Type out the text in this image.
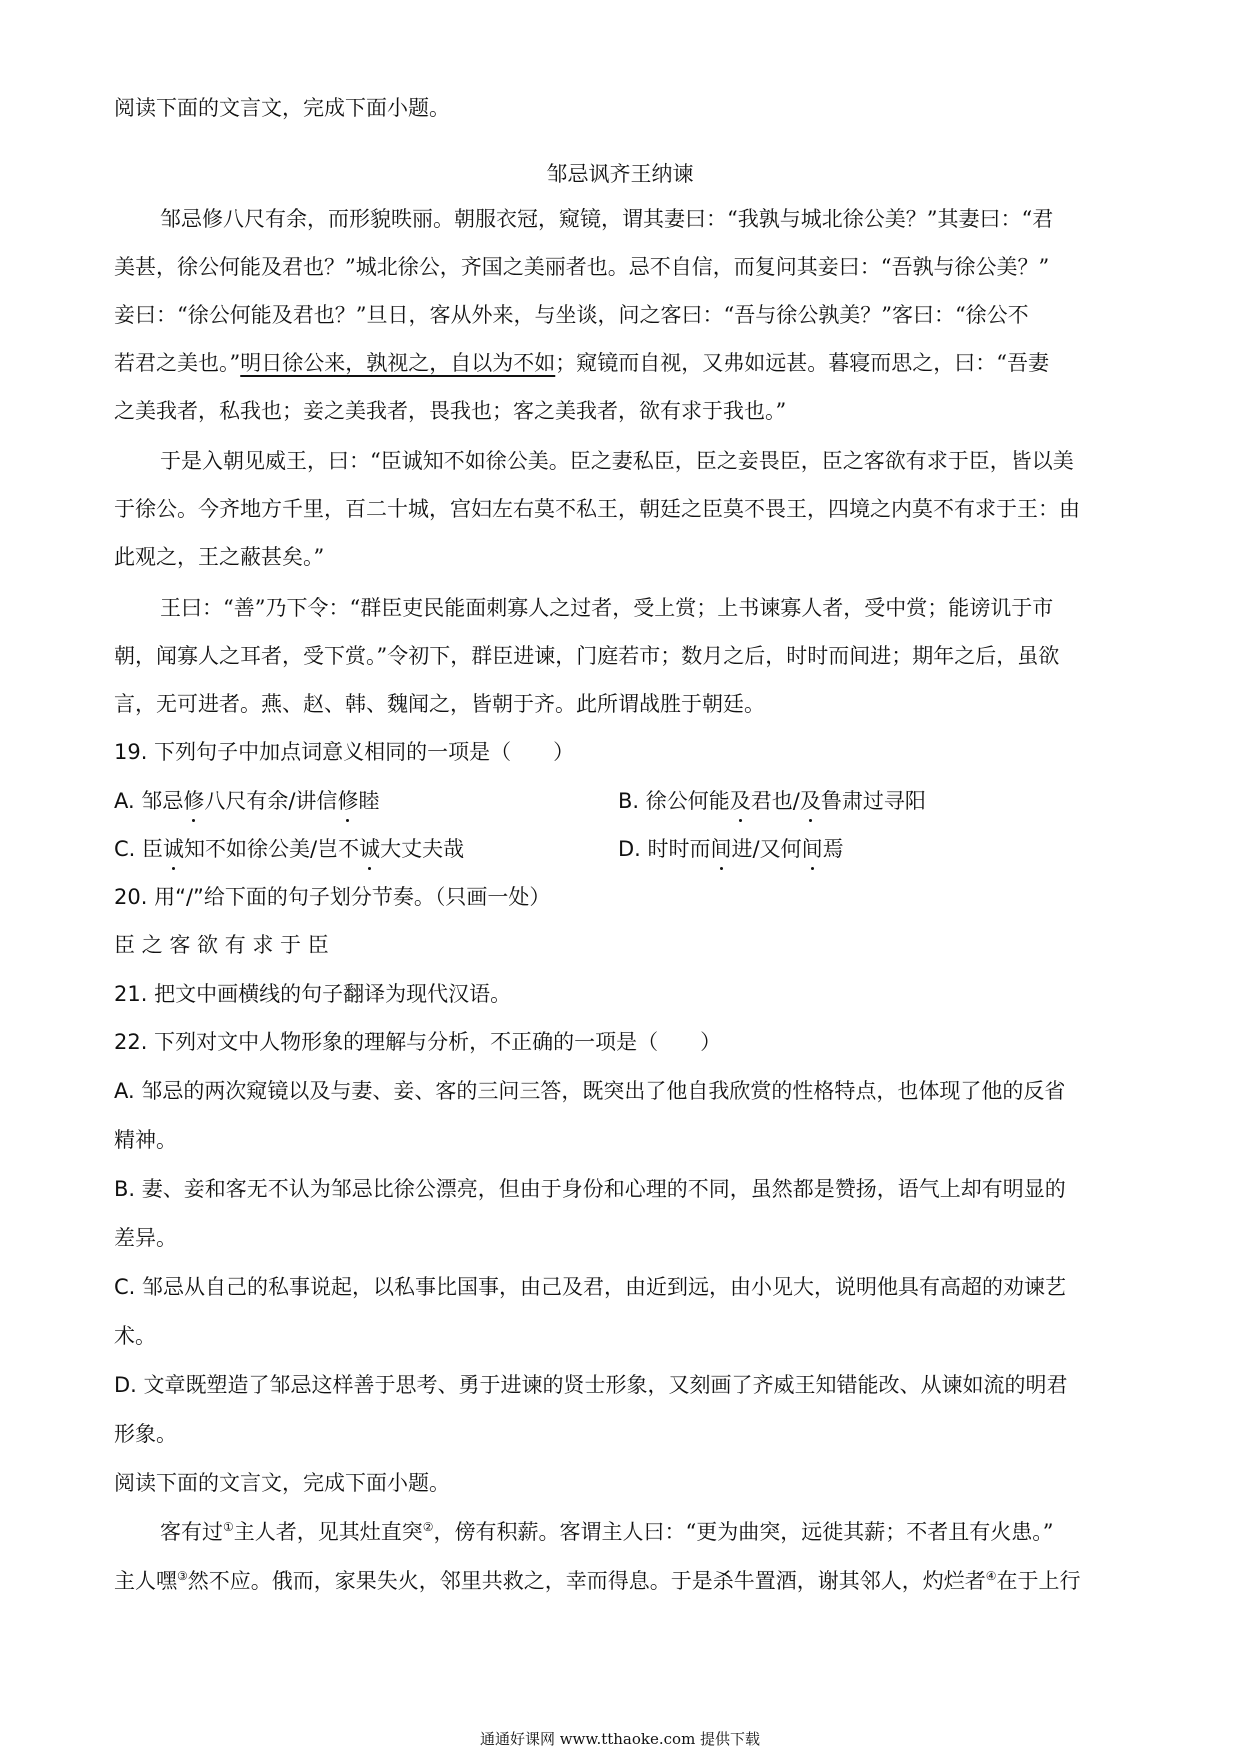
阅读下面的文言文，完成下面小题。
邹忌讽齐王纳谏
邹忌修八尺有余，而形貌昳丽。朝服衣冠，窥镜，谓其妻曰：“我孰与城北徐公美？”其妻曰：“君
美甚，徐公何能及君也？”城北徐公，齐国之美丽者也。忌不自信，而复问其妾曰：“吾孰与徐公美？”
妾曰：“徐公何能及君也？”旦日，客从外来，与坐谈，问之客曰：“吾与徐公孰美？”客曰：“徐公不
若君之美也。”明日徐公来，孰视之，自以为不如；窥镜而自视，又弗如远甚。暮寝而思之，曰：“吾妻
之美我者，私我也；妾之美我者，畏我也；客之美我者，欲有求于我也。”
于是入朝见威王，曰：“臣诚知不如徐公美。臣之妻私臣，臣之妾畏臣，臣之客欲有求于臣，皆以美
于徐公。今齐地方千里，百二十城，宫妇左右莫不私王，朝廷之臣莫不畏王，四境之内莫不有求于王：由
此观之，王之蔽甚矣。”
王曰：“善”乃下令：“群臣吏民能面刺寡人之过者，受上赏；上书谏寡人者，受中赏；能谤讥于市
朝，闻寡人之耳者，受下赏。”令初下，群臣进谏，门庭若市；数月之后，时时而间进；期年之后，虽欲
言，无可进者。燕、赵、韩、魏闻之，皆朝于齐。此所谓战胜于朝廷。
19. 下列句子中加点词意义相同的一项是（　　）
A. 邹忌修八尺有余/讲信修睦	B. 徐公何能及君也/及鲁肃过寻阳
C. 臣诚知不如徐公美/岂不诚大丈夫哉	D. 时时而间进/又何间焉
20. 用“/”给下面的句子划分节奏。（只画一处）
臣 之 客 欲 有 求 于 臣
21. 把文中画横线的句子翻译为现代汉语。
22. 下列对文中人物形象的理解与分析，不正确的一项是（　　）
A. 邹忌的两次窥镜以及与妻、妾、客的三问三答，既突出了他自我欣赏的性格特点，也体现了他的反省
精神。
B. 妻、妾和客无不认为邹忌比徐公漂亮，但由于身份和心理的不同，虽然都是赞扬，语气上却有明显的
差异。
C. 邹忌从自己的私事说起，以私事比国事，由己及君，由近到远，由小见大，说明他具有高超的劝谏艺
术。
D. 文章既塑造了邹忌这样善于思考、勇于进谏的贤士形象，又刻画了齐威王知错能改、从谏如流的明君
形象。
阅读下面的文言文，完成下面小题。
客有过①主人者，见其灶直突②，傍有积薪。客谓主人曰：“更为曲突，远徙其薪；不者且有火患。”
主人嘿③然不应。俄而，家果失火，邻里共救之，幸而得息。于是杀牛置酒，谢其邻人，灼烂者④在于上行
通通好课网 www.tthaoke.com 提供下载
